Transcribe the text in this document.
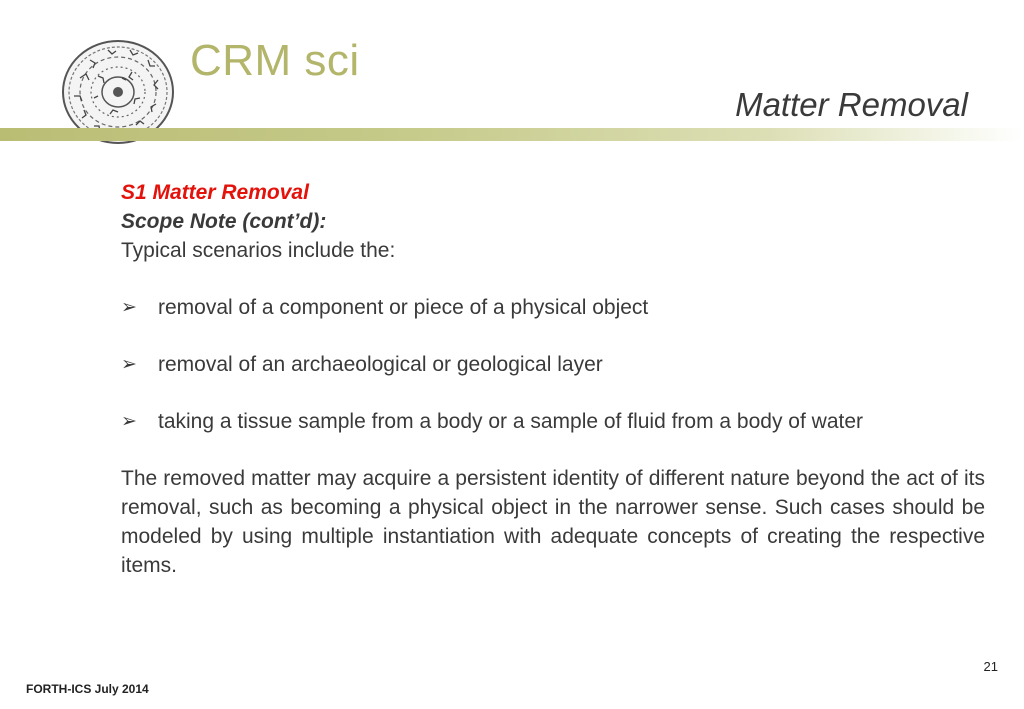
CRM sci
Matter Removal
S1 Matter Removal
Scope Note (cont’d):
Typical scenarios include the:
➢ removal of a component or piece of a physical object
➢ removal of an archaeological or geological layer
➢ taking a tissue sample from a body or a sample of fluid from a body of water
The removed matter may acquire a persistent identity of different nature beyond the act of its removal, such as becoming a physical object in the narrower sense. Such cases should be modeled by using multiple instantiation with adequate concepts of creating the respective items.
21
FORTH-ICS July 2014
